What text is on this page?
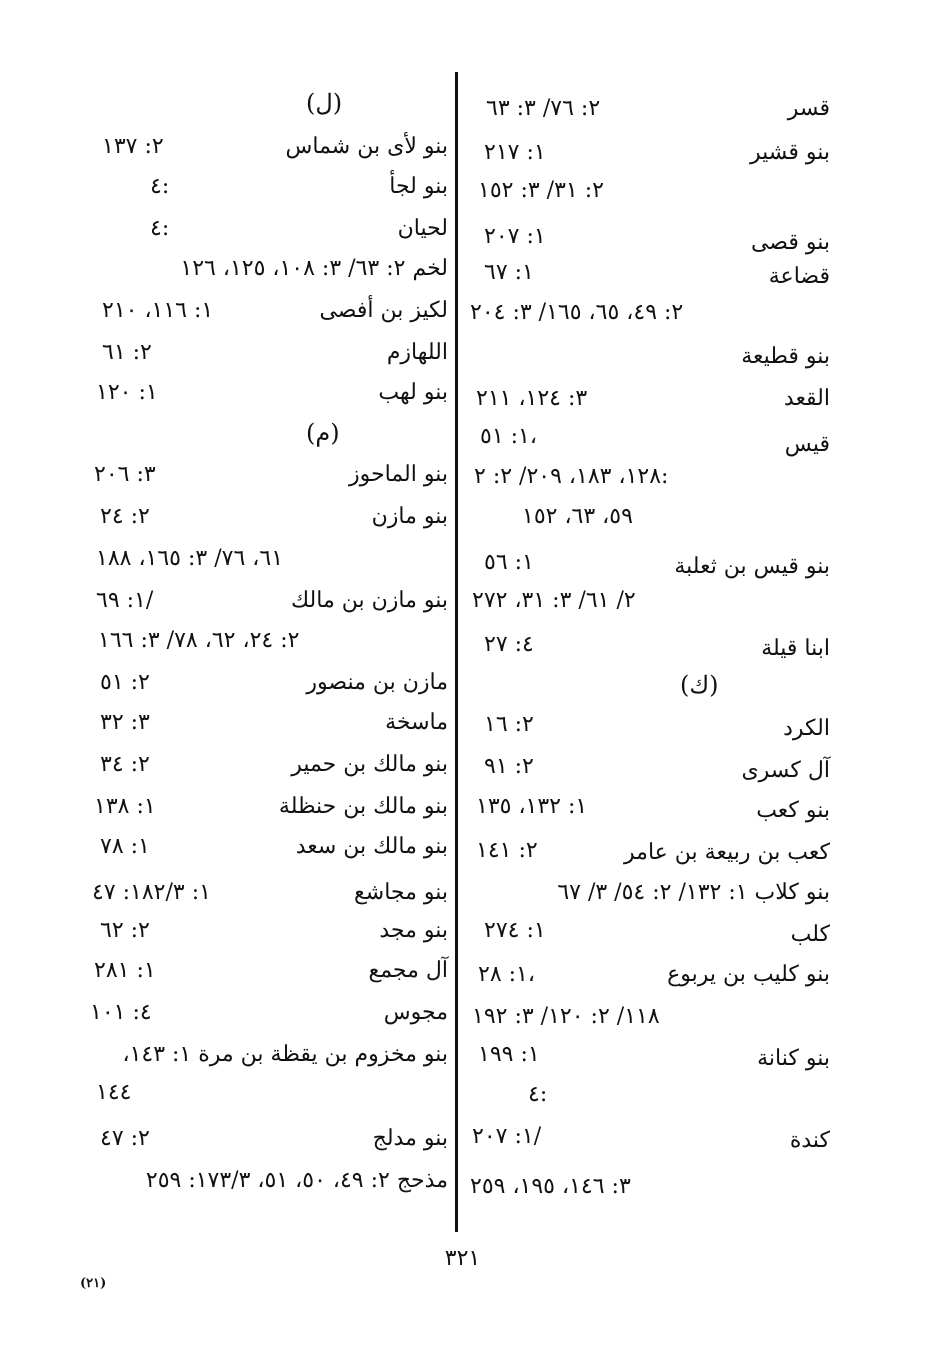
قسر
٢: ٧٦/ ٣: ٦٣
بنو قشير
١: ٢١٧
٢: ٣١/ ٣: ١٥٢
بنو قصى
١: ٢٠٧
قضاعة
١: ٦٧
٢: ٤٩، ٦٥، ١٦٥/ ٣: ٢٠٤
بنو قطيعة
القعد
٣: ١٢٤، ٢١١
قيس
١: ٥١،
١٢٨، ١٨٣، ٢٠٩/ ٢: ٢:
٥٩، ٦٣، ١٥٢
بنو قيس بن ثعلبة
١: ٥٦
٢/ ٦١/ ٣: ٣١، ٢٧٢
ابنا قيلة
٤: ٢٧
(ك)
الكرد
٢: ١٦
آل كسرى
٢: ٩١
بنو كعب
١: ١٣٢، ١٣٥
كعب بن ربيعة بن عامر
٢: ١٤١
بنو كلاب ١: ١٣٢/ ٢: ٥٤/ ٣/ ٦٧
كلب
١: ٢٧٤
بنو كليب بن يربوع
١: ٢٨،
١١٨/ ٢: ١٢٠/ ٣: ١٩٢
بنو كنانة
١: ١٩٩
٤:
كندة
١: ٢٠٧/
٣: ١٤٦، ١٩٥، ٢٥٩
(ل)
بنو لأى بن شماس
٢: ١٣٧
بنو لجأ
٤:
لحيان
٤:
لخم ٢: ٦٣/ ٣: ١٠٨، ١٢٥، ١٢٦
لكيز بن أفصى
١: ١١٦، ٢١٠
اللهازم
٢: ٦١
بنو لهب
١: ١٢٠
(م)
بنو الماحوز
٣: ٢٠٦
بنو مازن
٢: ٢٤
٦١، ٧٦/ ٣: ١٦٥، ١٨٨
بنو مازن بن مالك
١: ٦٩/
٢: ٢٤، ٦٢، ٧٨/ ٣: ١٦٦
مازن بن منصور
٢: ٥١
ماسخة
٣: ٣٢
بنو مالك بن حمير
٢: ٣٤
بنو مالك بن حنظلة
١: ١٣٨
بنو مالك بن سعد
١: ٧٨
بنو مجاشع
١: ١٨٢/٣: ٤٧
بنو مجد
٢: ٦٢
آل مجمع
١: ٢٨١
مجوس
٤: ١٠١
بنو مخزوم بن يقظة بن مرة ١: ١٤٣،
١٤٤
بنو مدلج
٢: ٤٧
مذحج ٢: ٤٩، ٥٠، ٥١، ١٧٣/٣: ٢٥٩
٣٢١
(٢١)
